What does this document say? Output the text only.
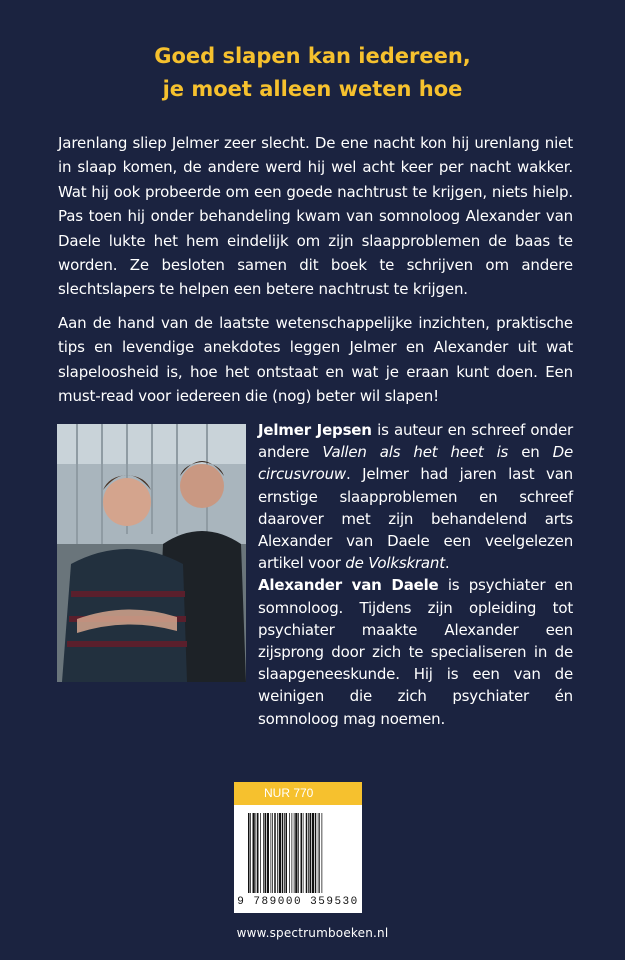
Goed slapen kan iedereen,
je moet alleen weten hoe
Jarenlang sliep Jelmer zeer slecht. De ene nacht kon hij urenlang niet in slaap komen, de andere werd hij wel acht keer per nacht wakker. Wat hij ook probeerde om een goede nachtrust te krijgen, niets hielp. Pas toen hij onder behandeling kwam van somnoloog Alexander van Daele lukte het hem eindelijk om zijn slaapproblemen de baas te worden. Ze besloten samen dit boek te schrijven om andere slechtslapers te helpen een betere nachtrust te krijgen.
Aan de hand van de laatste wetenschappelijke inzichten, praktische tips en levendige anekdotes leggen Jelmer en Alexander uit wat slapeloosheid is, hoe het ontstaat en wat je eraan kunt doen. Een must-read voor iedereen die (nog) beter wil slapen!
Jelmer Jepsen is auteur en schreef onder andere Vallen als het heet is en De circusvrouw. Jelmer had jaren last van ernstige slaapproblemen en schreef daarover met zijn behandelend arts Alexander van Daele een veelgelezen artikel voor de Volkskrant.
Alexander van Daele is psychiater en somnoloog. Tijdens zijn opleiding tot psychiater maakte Alexander een zijsprong door zich te specialiseren in de slaapgeneeskunde. Hij is een van de weinigen die zich psychiater én somnoloog mag noemen.
NUR 770
9 789000 359530
www.spectrumboeken.nl
